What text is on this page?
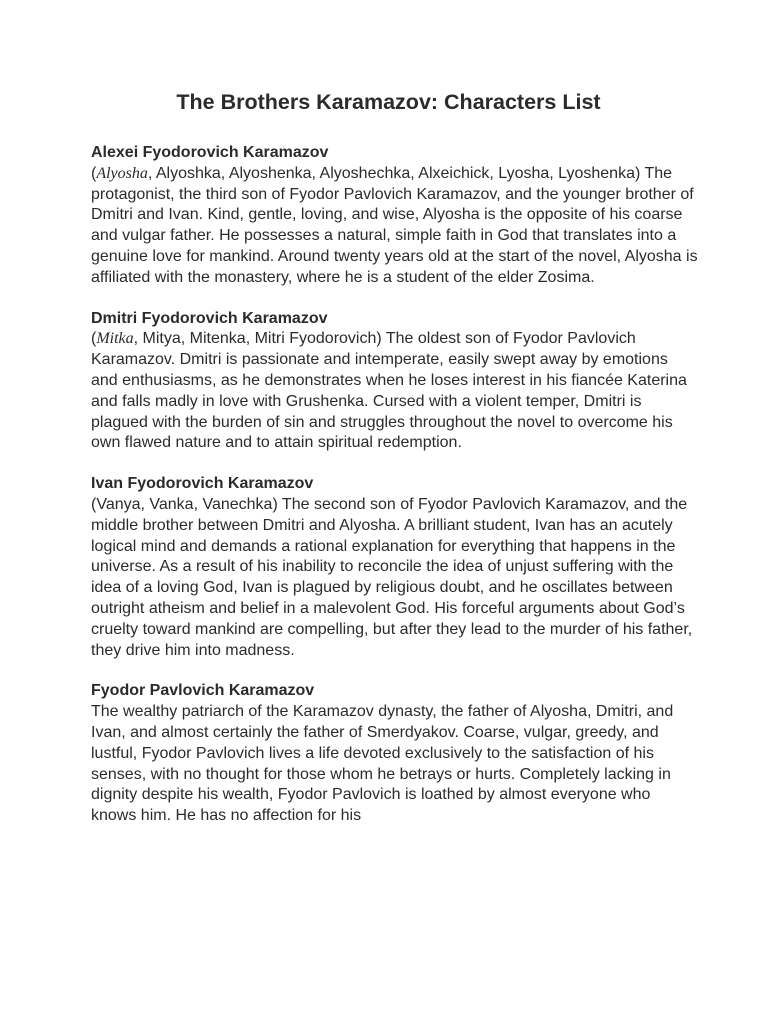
The Brothers Karamazov: Characters List
Alexei Fyodorovich Karamazov

(Alyosha, Alyoshka, Alyoshenka, Alyoshechka, Alxeichick, Lyosha, Lyoshenka) The protagonist, the third son of Fyodor Pavlovich Karamazov, and the younger brother of Dmitri and Ivan. Kind, gentle, loving, and wise, Alyosha is the opposite of his coarse and vulgar father. He possesses a natural, simple faith in God that translates into a genuine love for mankind. Around twenty years old at the start of the novel, Alyosha is affiliated with the monastery, where he is a student of the elder Zosima.

Dmitri Fyodorovich Karamazov

(Mitka, Mitya, Mitenka, Mitri Fyodorovich) The oldest son of Fyodor Pavlovich Karamazov. Dmitri is passionate and intemperate, easily swept away by emotions and enthusiasms, as he demonstrates when he loses interest in his fiancée Katerina and falls madly in love with Grushenka. Cursed with a violent temper, Dmitri is plagued with the burden of sin and struggles throughout the novel to overcome his own flawed nature and to attain spiritual redemption.

Ivan Fyodorovich Karamazov

(Vanya, Vanka, Vanechka) The second son of Fyodor Pavlovich Karamazov, and the middle brother between Dmitri and Alyosha. A brilliant student, Ivan has an acutely logical mind and demands a rational explanation for everything that happens in the universe. As a result of his inability to reconcile the idea of unjust suffering with the idea of a loving God, Ivan is plagued by religious doubt, and he oscillates between outright atheism and belief in a malevolent God. His forceful arguments about God’s cruelty toward mankind are compelling, but after they lead to the murder of his father, they drive him into madness.

Fyodor Pavlovich Karamazov

The wealthy patriarch of the Karamazov dynasty, the father of Alyosha, Dmitri, and Ivan, and almost certainly the father of Smerdyakov. Coarse, vulgar, greedy, and lustful, Fyodor Pavlovich lives a life devoted exclusively to the satisfaction of his senses, with no thought for those whom he betrays or hurts. Completely lacking in dignity despite his wealth, Fyodor Pavlovich is loathed by almost everyone who knows him. He has no affection for his
